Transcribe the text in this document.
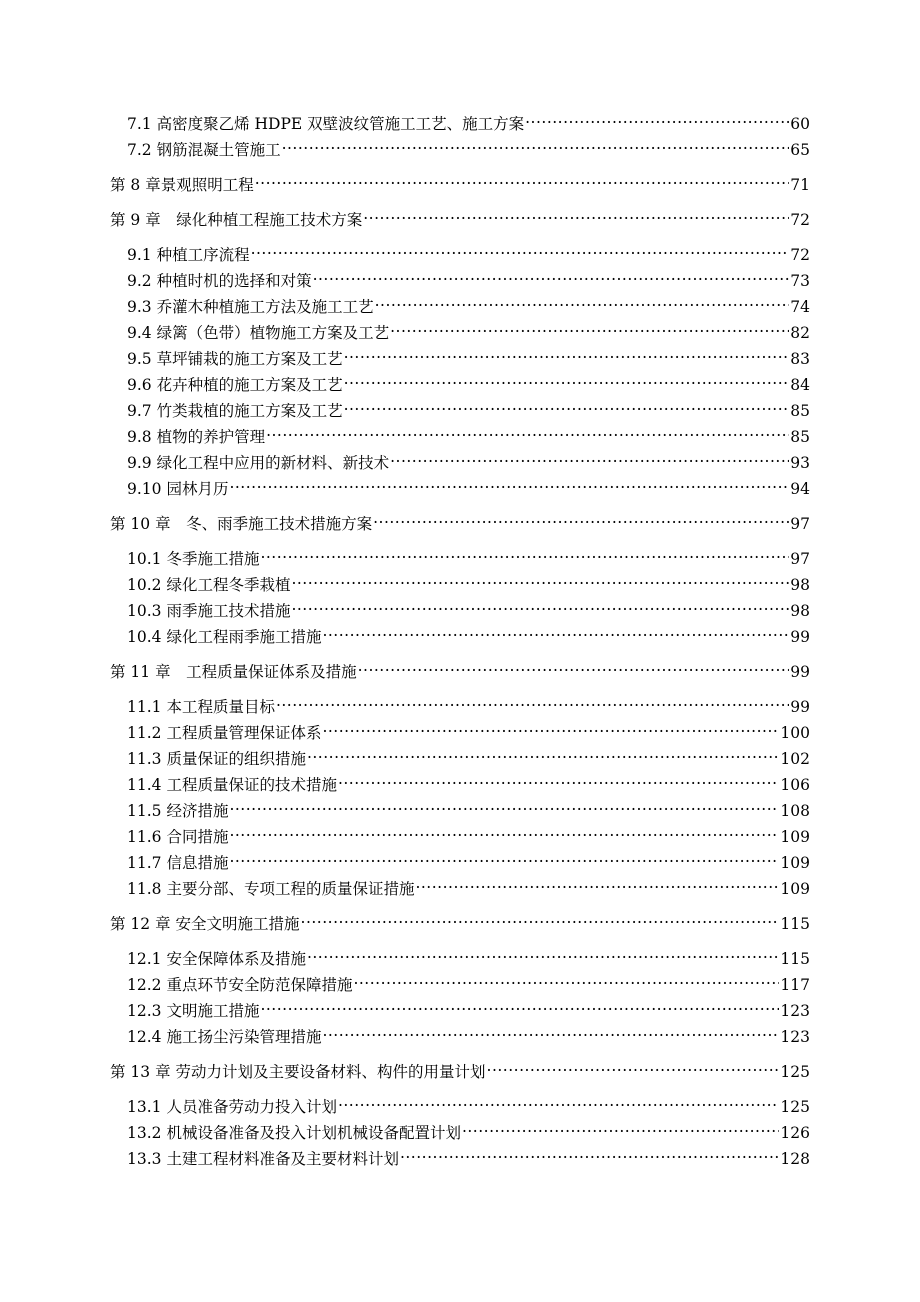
7.1 高密度聚乙烯 HDPE 双壁波纹管施工工艺、施工方案 .....	60
7.2 钢筋混凝土管施工 .....	65
第 8 章景观照明工程 .....	71
第 9 章　绿化种植工程施工技术方案 .....	72
9.1 种植工序流程 .....	72
9.2 种植时机的选择和对策 .....	73
9.3 乔灌木种植施工方法及施工工艺 .....	74
9.4 绿篱（色带）植物施工方案及工艺 .....	82
9.5 草坪铺栽的施工方案及工艺 .....	83
9.6 花卉种植的施工方案及工艺 .....	84
9.7 竹类栽植的施工方案及工艺 .....	85
9.8 植物的养护管理 .....	85
9.9 绿化工程中应用的新材料、新技术 .....	93
9.10 园林月历 .....	94
第 10 章　冬、雨季施工技术措施方案 .....	97
10.1 冬季施工措施 .....	97
10.2 绿化工程冬季栽植 .....	98
10.3 雨季施工技术措施 .....	98
10.4 绿化工程雨季施工措施 .....	99
第 11 章　工程质量保证体系及措施 .....	99
11.1 本工程质量目标 .....	99
11.2 工程质量管理保证体系 .....	100
11.3 质量保证的组织措施 .....	102
11.4 工程质量保证的技术措施 .....	106
11.5 经济措施 .....	108
11.6 合同措施 .....	109
11.7 信息措施 .....	109
11.8 主要分部、专项工程的质量保证措施 .....	109
第 12 章 安全文明施工措施 .....	115
12.1 安全保障体系及措施 .....	115
12.2 重点环节安全防范保障措施 .....	117
12.3 文明施工措施 .....	123
12.4 施工扬尘污染管理措施 .....	123
第 13 章 劳动力计划及主要设备材料、构件的用量计划 .....	125
13.1 人员准备劳动力投入计划 .....	125
13.2 机械设备准备及投入计划机械设备配置计划 .....	126
13.3 土建工程材料准备及主要材料计划 .....	128
